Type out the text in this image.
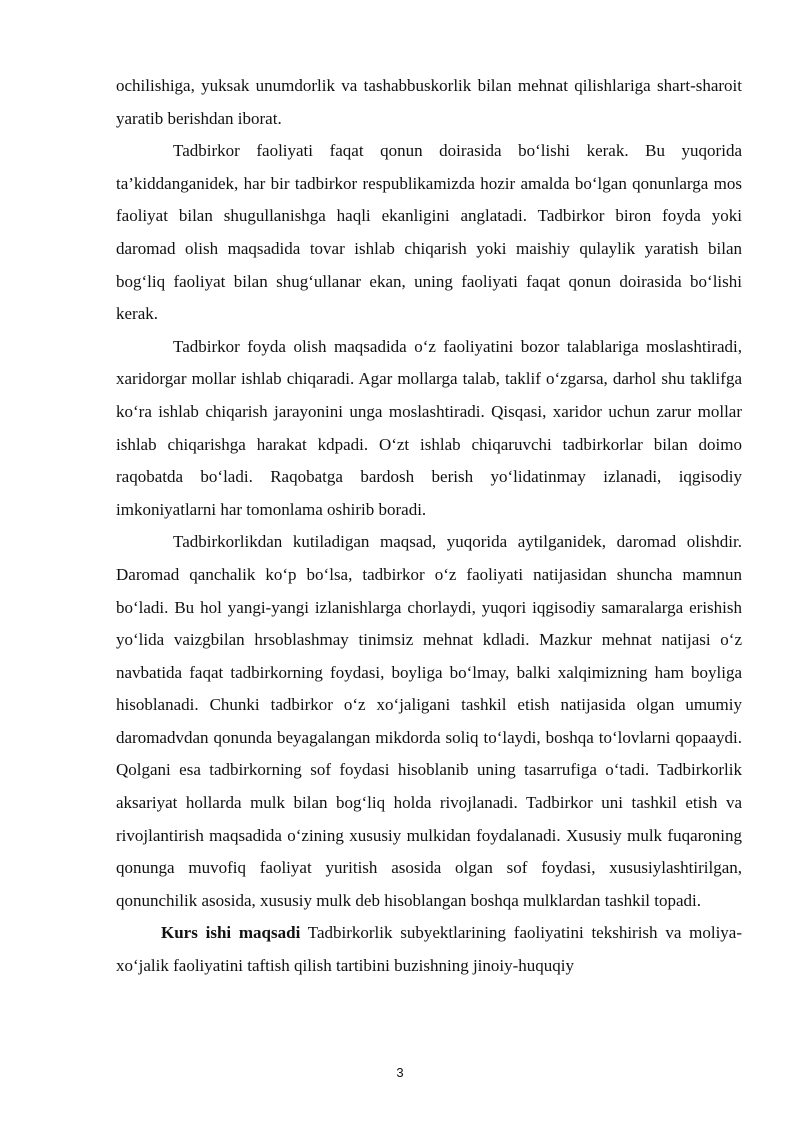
ochilishiga, yuksak unumdorlik va tashabbuskorlik bilan mehnat qilishlariga shart-sharoit yaratib berishdan iborat.

Tadbirkor faoliyati faqat qonun doirasida bo‘lishi kerak. Bu yuqorida ta’kiddanganidek, har bir tadbirkor respublikamizda hozir amalda bo‘lgan qonunlarga mos faoliyat bilan shugullanishga haqli ekanligini anglatadi. Tadbirkor biron foyda yoki daromad olish maqsadida tovar ishlab chiqarish yoki maishiy qulaylik yaratish bilan bog‘liq faoliyat bilan shug‘ullanar ekan, uning faoliyati faqat qonun doirasida bo‘lishi kerak.

Tadbirkor foyda olish maqsadida o‘z faoliyatini bozor talablariga moslashtiradi, xaridorgar mollar ishlab chiqaradi. Agar mollarga talab, taklif o‘zgarsa, darhol shu taklifga ko‘ra ishlab chiqarish jarayonini unga moslashtiradi. Qisqasi, xaridor uchun zarur mollar ishlab chiqarishga harakat kdpadi. O‘zt ishlab chiqaruvchi tadbirkorlar bilan doimo raqobatda bo‘ladi. Raqobatga bardosh berish yo‘lidatinmay izlanadi, iqgisodiy imkoniyatlarni har tomonlama oshirib boradi.

Tadbirkorlikdan kutiladigan maqsad, yuqorida aytilganidek, daromad olishdir. Daromad qanchalik ko‘p bo‘lsa, tadbirkor o‘z faoliyati natijasidan shuncha mamnun bo‘ladi. Bu hol yangi-yangi izlanishlarga chorlaydi, yuqori iqgisodiy samaralarga erishish yo‘lida vaizgbilan hrsoblashmay tinimsiz mehnat kdladi. Mazkur mehnat natijasi o‘z navbatida faqat tadbirkorning foydasi, boyliga bo‘lmay, balki xalqimizning ham boyliga hisoblanadi. Chunki tadbirkor o‘z xo‘jaligani tashkil etish natijasida olgan umumiy daromadvdan qonunda beyagalangan mikdorda soliq to‘laydi, boshqa to‘lovlarni qopaaydi. Qolgani esa tadbirkorning sof foydasi hisoblanib uning tasarrufiga o‘tadi. Tadbirkorlik aksariyat hollarda mulk bilan bog‘liq holda rivojlanadi. Tadbirkor uni tashkil etish va rivojlantirish maqsadida o‘zining xususiy mulkidan foydalanadi. Xususiy mulk fuqaroning qonunga muvofiq faoliyat yuritish asosida olgan sof foydasi, xususiylashtirilgan, qonunchilik asosida, xususiy mulk deb hisoblangan boshqa mulklardan tashkil topadi.

Kurs ishi maqsadi Tadbirkorlik subyektlarining faoliyatini tekshirish va moliya-xo‘jalik faoliyatini taftish qilish tartibini buzishning jinoiy-huquqiy

3
